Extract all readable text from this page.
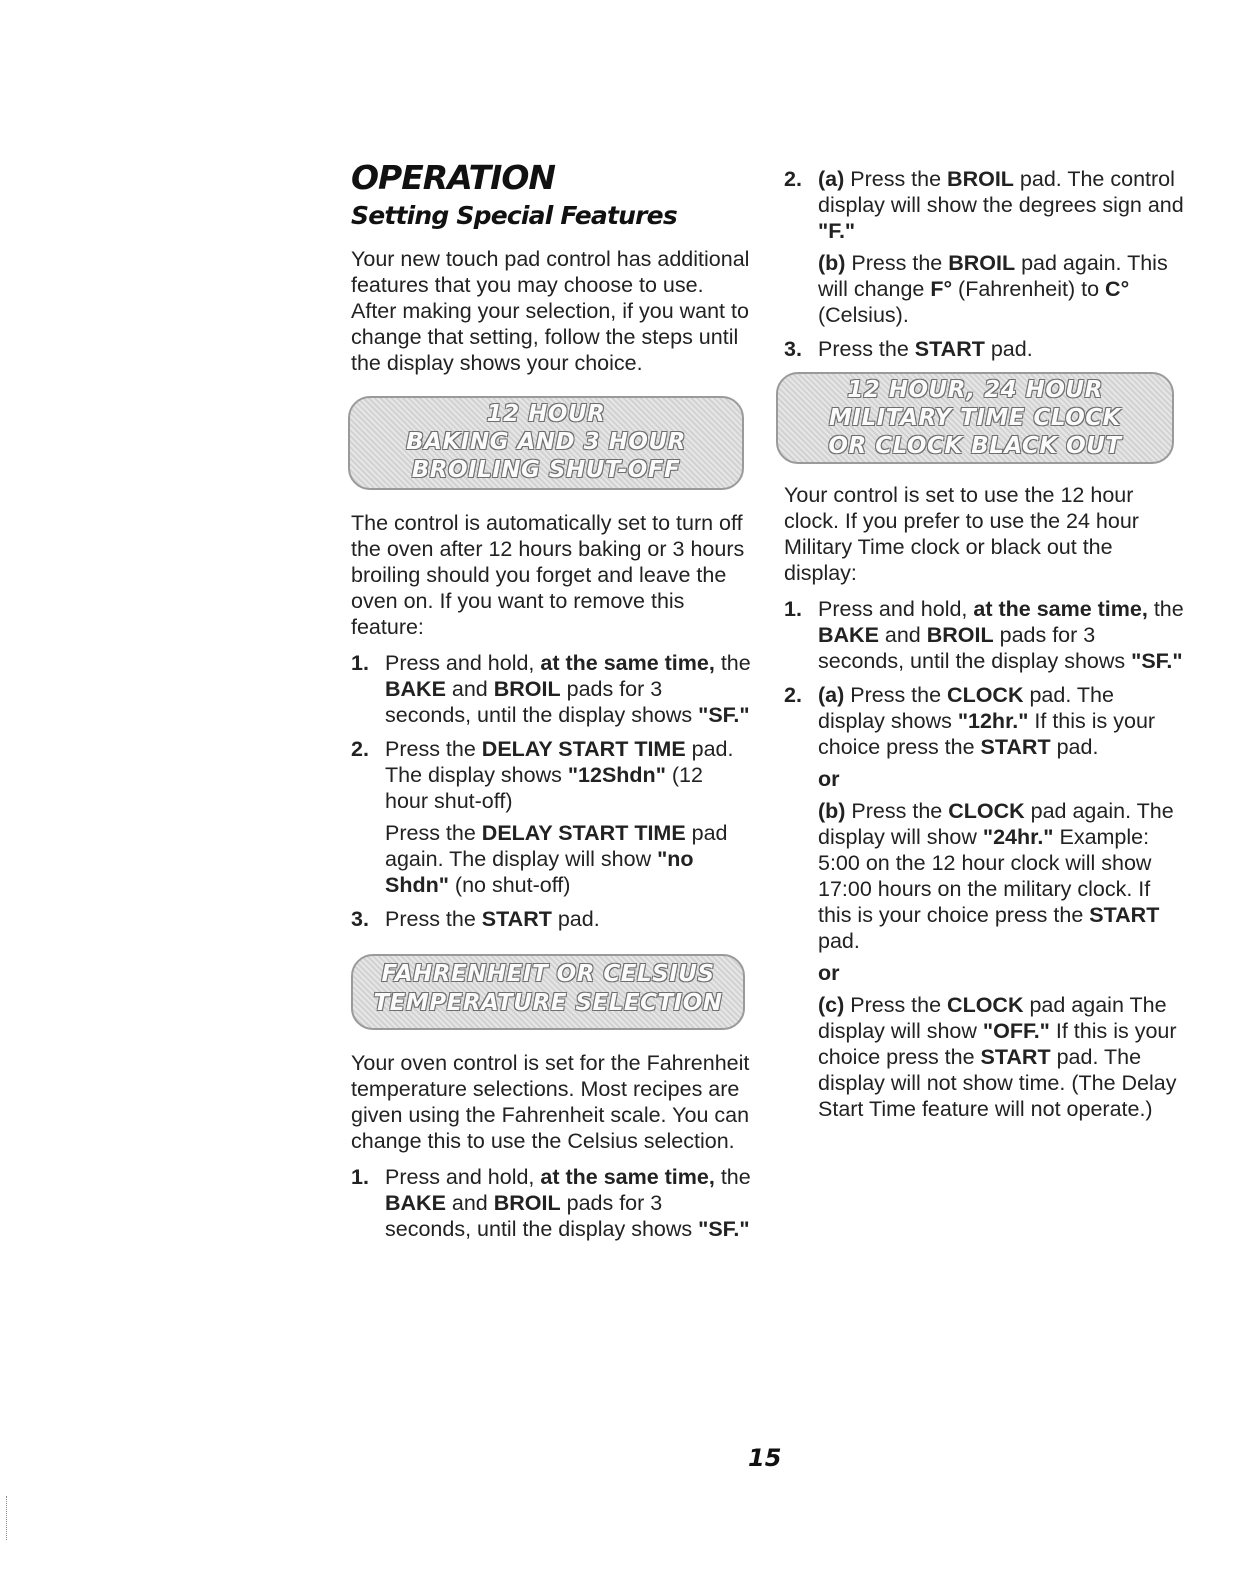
OPERATION
Setting Special Features

Your new touch pad control has additional features that you may choose to use. After making your selection, if you want to change that setting, follow the steps until the display shows your choice.

12 HOUR
BAKING AND 3 HOUR
BROILING SHUT-OFF

The control is automatically set to turn off the oven after 12 hours baking or 3 hours broiling should you forget and leave the oven on. If you want to remove this feature:

1. Press and hold, at the same time, the BAKE and BROIL pads for 3 seconds, until the display shows "SF."
2. Press the DELAY START TIME pad. The display shows "12Shdn" (12 hour shut-off)
Press the DELAY START TIME pad again. The display will show "no Shdn" (no shut-off)
3. Press the START pad.
FAHRENHEIT OR CELSIUS
TEMPERATURE SELECTION

Your oven control is set for the Fahrenheit temperature selections. Most recipes are given using the Fahrenheit scale. You can change this to use the Celsius selection.

1. Press and hold, at the same time, the BAKE and BROIL pads for 3 seconds, until the display shows "SF."
2. (a) Press the BROIL pad. The control display will show the degrees sign and "F."
(b) Press the BROIL pad again. This will change F° (Fahrenheit) to C° (Celsius).
3. Press the START pad.
12 HOUR, 24 HOUR
MILITARY TIME CLOCK
OR CLOCK BLACK OUT

Your control is set to use the 12 hour clock. If you prefer to use the 24 hour Military Time clock or black out the display:

1. Press and hold, at the same time, the BAKE and BROIL pads for 3 seconds, until the display shows "SF."
2. (a) Press the CLOCK pad. The display shows "12hr." If this is your choice press the START pad.
or
(b) Press the CLOCK pad again. The display will show "24hr." Example: 5:00 on the 12 hour clock will show 17:00 hours on the military clock. If this is your choice press the START pad.
or
(c) Press the CLOCK pad again The display will show "OFF." If this is your choice press the START pad. The display will not show time. (The Delay Start Time feature will not operate.)
15
